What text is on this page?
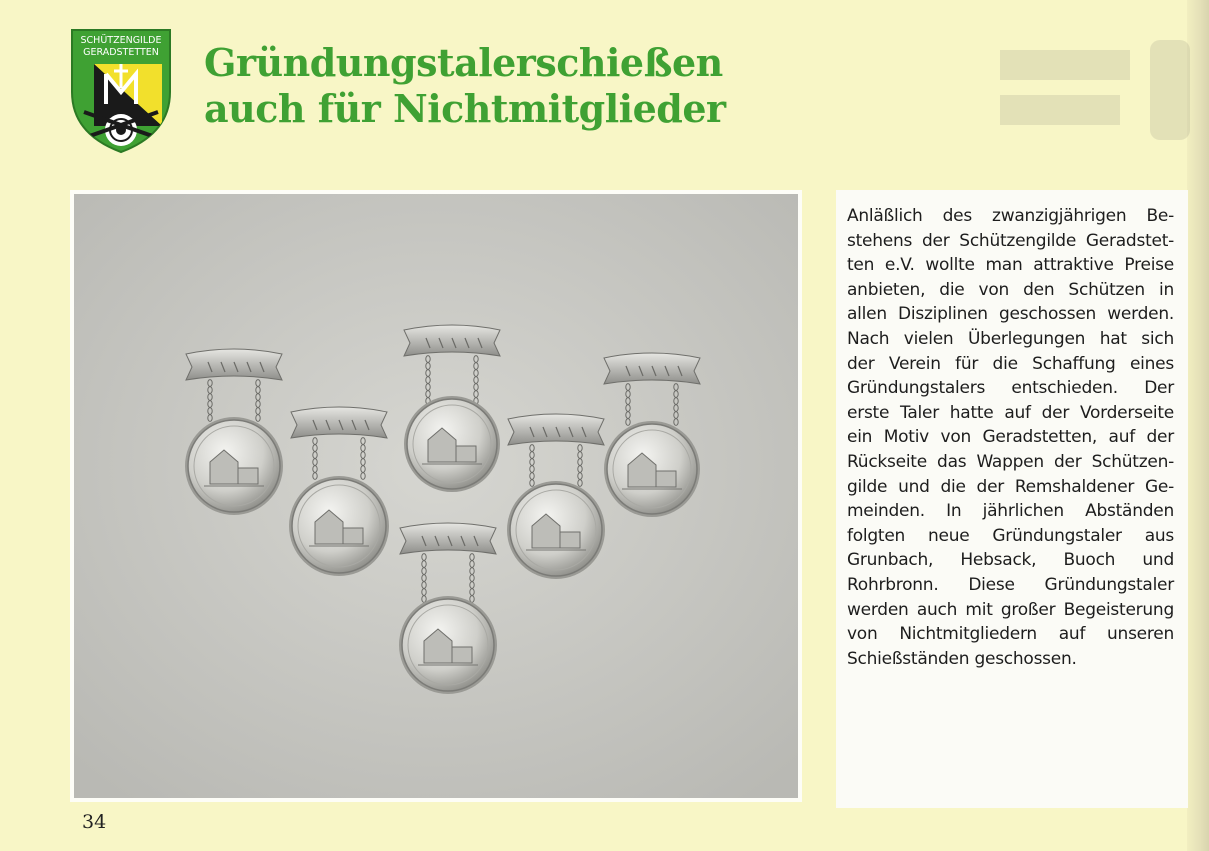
SCHÜTZENGILDE
GERADSTETTEN Gründungstalerschießen
auch für Nichtmitglieder

Anläßlich des zwanzigjährigen Be-
stehens der Schützengilde Geradstet-
ten e.V. wollte man attraktive Preise
anbieten, die von den Schützen in
allen Disziplinen geschossen werden.
Nach vielen Überlegungen hat sich
der Verein für die Schaffung eines
Gründungstalers entschieden. Der
erste Taler hatte auf der Vorderseite
ein Motiv von Geradstetten, auf der
Rückseite das Wappen der Schützen-
gilde und die der Remshaldener Ge-
meinden. In jährlichen Abständen
folgten neue Gründungstaler aus
Grunbach, Hebsack, Buoch und
Rohrbronn. Diese Gründungstaler
werden auch mit großer Begeisterung
von Nichtmitgliedern auf unseren
Schießständen geschossen.

34
